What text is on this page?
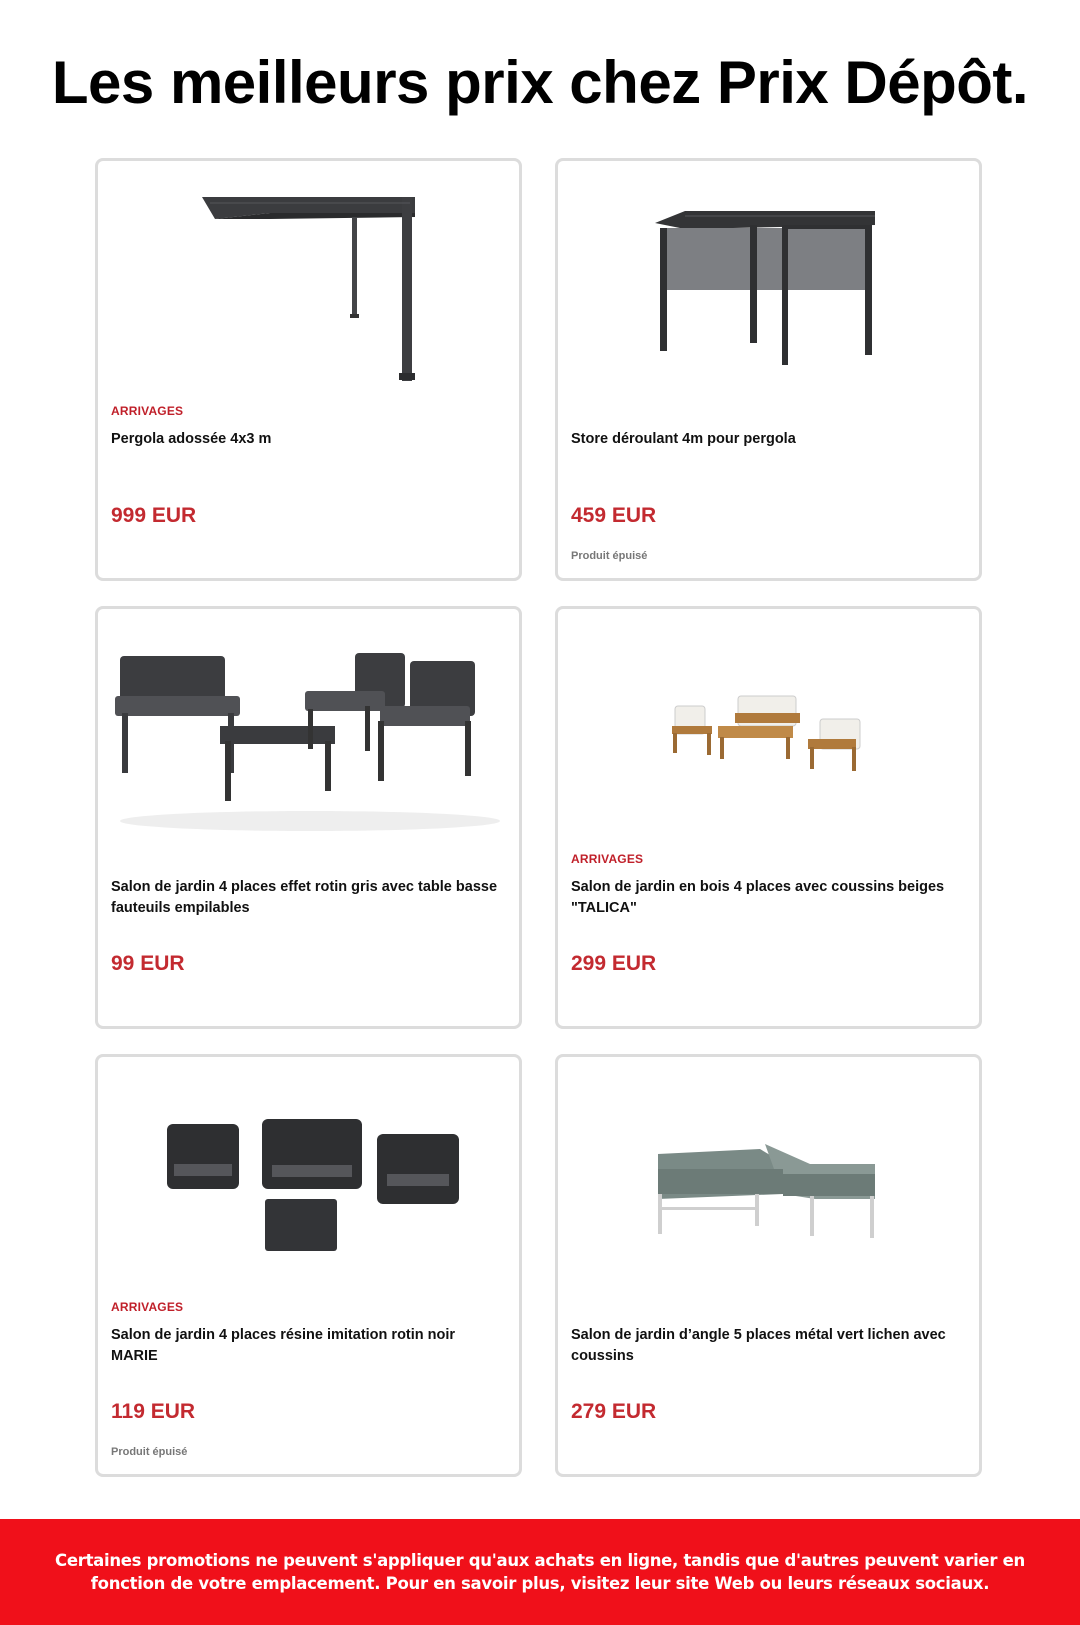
Les meilleurs prix chez Prix Dépôt.
ARRIVAGES
Pergola adossée 4x3 m
999 EUR
Store déroulant 4m pour pergola
459 EUR
Produit épuisé
Salon de jardin 4 places effet rotin gris avec table basse fauteuils empilables
99 EUR
ARRIVAGES
Salon de jardin en bois 4 places avec coussins beiges "TALICA"
299 EUR
ARRIVAGES
Salon de jardin 4 places résine imitation rotin noir MARIE
119 EUR
Produit épuisé
Salon de jardin d’angle 5 places métal vert lichen avec coussins
279 EUR

Certaines promotions ne peuvent s'appliquer qu'aux achats en ligne, tandis que d'autres peuvent varier en fonction de votre emplacement. Pour en savoir plus, visitez leur site Web ou leurs réseaux sociaux.
